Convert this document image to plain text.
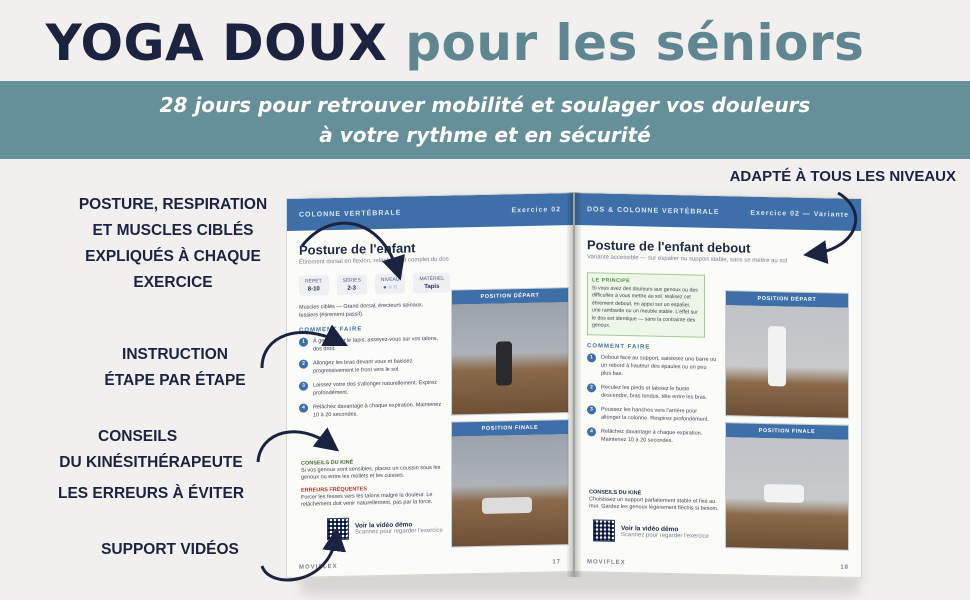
YOGA DOUX pour les séniors
28 jours pour retrouver mobilité et soulager vos douleurs
à votre rythme et en sécurité
POSTURE, RESPIRATION
ET MUSCLES CIBLÉS
EXPLIQUÉS À CHAQUE
EXERCICE
INSTRUCTION
ÉTAPE PAR ÉTAPE
CONSEILS
DU KINÉSITHÉRAPEUTE
LES ERREURS À ÉVITER
SUPPORT VIDÉOS
ADAPTÉ À TOUS LES NIVEAUX
COLONNE VERTÉBRALE	Exercice 02
Posture de l'enfant
Étirement dorsal en flexion, relâchement complet du dos
RÉPÉT.
8-10
SÉRIES
2-3
NIVEAU
● ○ ○
MATÉRIEL
Tapis
Muscles ciblés — Grand dorsal, érecteurs spinaux, fessiers (étirement passif).
COMMENT FAIRE
1	À genoux sur le tapis, asseyez-vous sur vos talons, dos droit.
2	Allongez les bras devant vous et baissez progressivement le front vers le sol.
3	Laissez votre dos s'allonger naturellement. Expirez profondément.
4	Relâchez davantage à chaque expiration. Maintenez 10 à 20 secondes.
POSITION DÉPART
POSITION FINALE
CONSEILS DU KINÉ
Si vos genoux sont sensibles, placez un coussin sous les genoux ou entre les mollets et les cuisses.
ERREURS FRÉQUENTES
Forcer les fesses vers les talons malgré la douleur. Le relâchement doit venir naturellement, pas par la force.
Voir la vidéo démo
Scannez pour regarder l'exercice
MOVIFLEX
17
DOS & COLONNE VERTÉBRALE	Exercice 02 — Variante
Posture de l'enfant debout
Variante accessible — sur espalier ou support stable, sans se mettre au sol
LE PRINCIPE
Si vous avez des douleurs aux genoux ou des difficultés à vous mettre au sol, réalisez cet étirement debout, en appui sur un espalier, une rambarde ou un meuble stable. L'effet sur le dos est identique — sans la contrainte des genoux.
COMMENT FAIRE
1	Debout face au support, saisissez une barre ou un rebord à hauteur des épaules ou un peu plus bas.
2	Reculez les pieds et laissez le buste descendre, bras tendus, tête entre les bras.
3	Poussez les hanches vers l'arrière pour allonger la colonne. Respirez profondément.
4	Relâchez davantage à chaque expiration. Maintenez 10 à 20 secondes.
POSITION DÉPART
POSITION FINALE
CONSEILS DU KINÉ
Choisissez un support parfaitement stable et fixé au mur. Gardez les genoux légèrement fléchis si besoin.
Voir la vidéo démo
Scannez pour regarder l'exercice
MOVIFLEX
18
